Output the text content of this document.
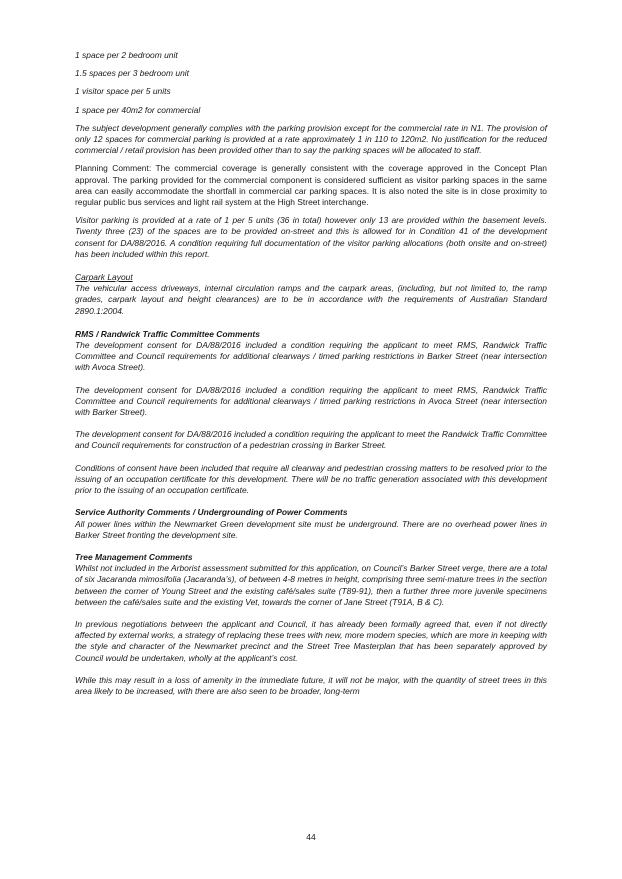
1 space per 2 bedroom unit

1.5 spaces per 3 bedroom unit

1 visitor space per 5 units

1 space per 40m2 for commercial

The subject development generally complies with the parking provision except for the commercial rate in N1. The provision of only 12 spaces for commercial parking is provided at a rate approximately 1 in 110 to 120m2. No justification for the reduced commercial / retail provision has been provided other than to say the parking spaces will be allocated to staff.

Planning Comment: The commercial coverage is generally consistent with the coverage approved in the Concept Plan approval. The parking provided for the commercial component is considered sufficient as visitor parking spaces in the same area can easily accommodate the shortfall in commercial car parking spaces. It is also noted the site is in close proximity to regular public bus services and light rail system at the High Street interchange.

Visitor parking is provided at a rate of 1 per 5 units (36 in total) however only 13 are provided within the basement levels. Twenty three (23) of the spaces are to be provided on-street and this is allowed for in Condition 41 of the development consent for DA/88/2016. A condition requiring full documentation of the visitor parking allocations (both onsite and on-street) has been included within this report.

Carpark Layout

The vehicular access driveways, internal circulation ramps and the carpark areas, (including, but not limited to, the ramp grades, carpark layout and height clearances) are to be in accordance with the requirements of Australian Standard 2890.1:2004.

RMS / Randwick Traffic Committee Comments

The development consent for DA/88/2016 included a condition requiring the applicant to meet RMS, Randwick Traffic Committee and Council requirements for additional clearways / timed parking restrictions in Barker Street (near intersection with Avoca Street).

The development consent for DA/88/2016 included a condition requiring the applicant to meet RMS, Randwick Traffic Committee and Council requirements for additional clearways / timed parking restrictions in Avoca Street (near intersection with Barker Street).

The development consent for DA/88/2016 included a condition requiring the applicant to meet the Randwick Traffic Committee and Council requirements for construction of a pedestrian crossing in Barker Street.

Conditions of consent have been included that require all clearway and pedestrian crossing matters to be resolved prior to the issuing of an occupation certificate for this development. There will be no traffic generation associated with this development prior to the issuing of an occupation certificate.

Service Authority Comments / Undergrounding of Power Comments

All power lines within the Newmarket Green development site must be underground. There are no overhead power lines in Barker Street fronting the development site.

Tree Management Comments

Whilst not included in the Arborist assessment submitted for this application, on Council’s Barker Street verge, there are a total of six Jacaranda mimosifolia (Jacaranda’s), of between 4-8 metres in height, comprising three semi-mature trees in the section between the corner of Young Street and the existing café/sales suite (T89-91), then a further three more juvenile specimens between the café/sales suite and the existing Vet, towards the corner of Jane Street (T91A, B & C).

In previous negotiations between the applicant and Council, it has already been formally agreed that, even if not directly affected by external works, a strategy of replacing these trees with new, more modern species, which are more in keeping with the style and character of the Newmarket precinct and the Street Tree Masterplan that has been separately approved by Council would be undertaken, wholly at the applicant’s cost.

While this may result in a loss of amenity in the immediate future, it will not be major, with the quantity of street trees in this area likely to be increased, with there are also seen to be broader, long-term

44
